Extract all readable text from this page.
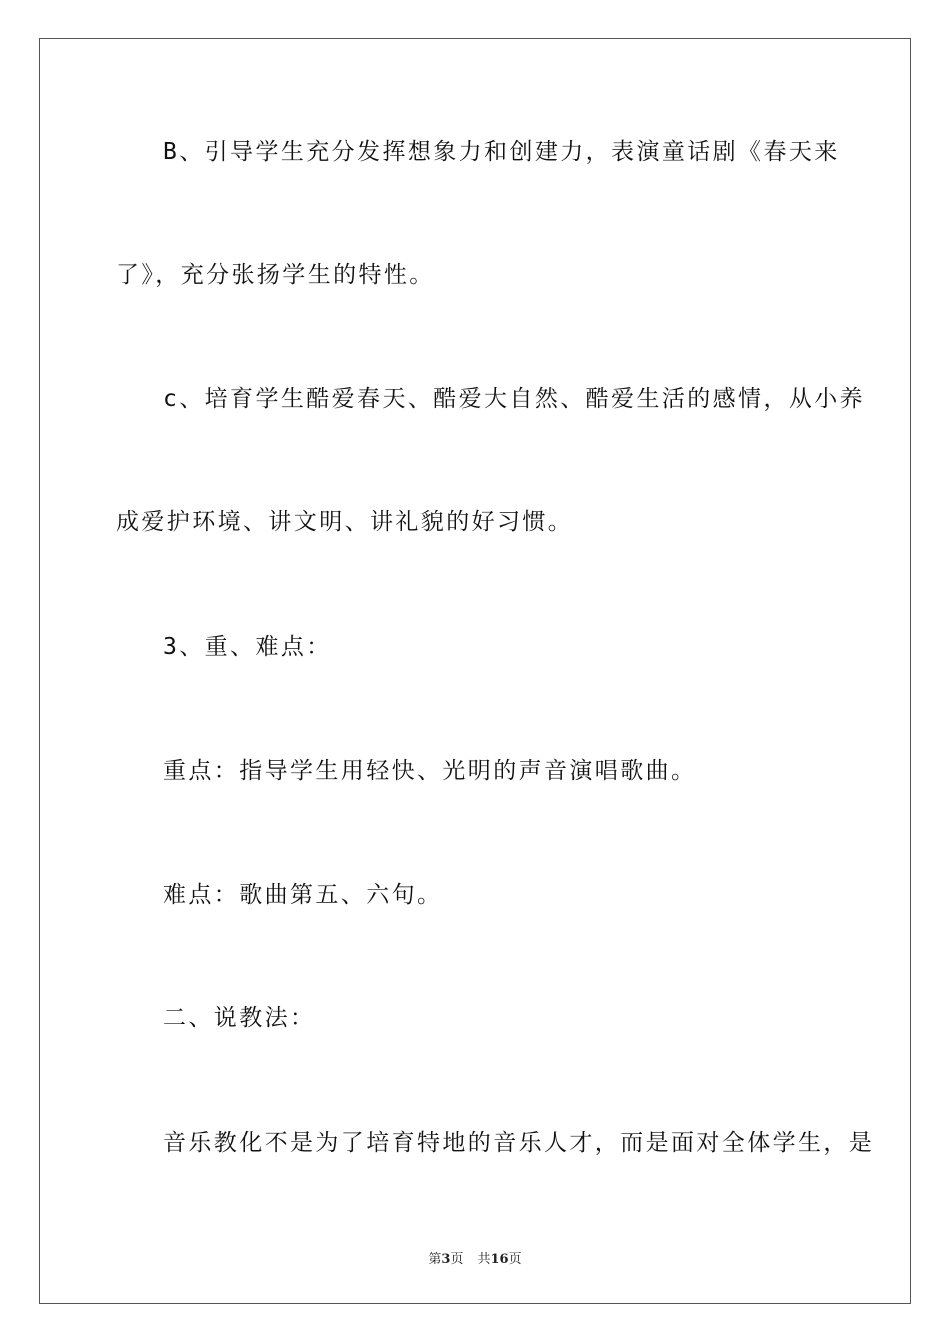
B、引导学生充分发挥想象力和创建力，表演童话剧《春天来
了》，充分张扬学生的特性。
c、培育学生酷爱春天、酷爱大自然、酷爱生活的感情，从小养
成爱护环境、讲文明、讲礼貌的好习惯。
3、重、难点：
重点：指导学生用轻快、光明的声音演唱歌曲。
难点：歌曲第五、六句。
二、说教法：
音乐教化不是为了培育特地的音乐人才，而是面对全体学生，是
第3页 共16页
